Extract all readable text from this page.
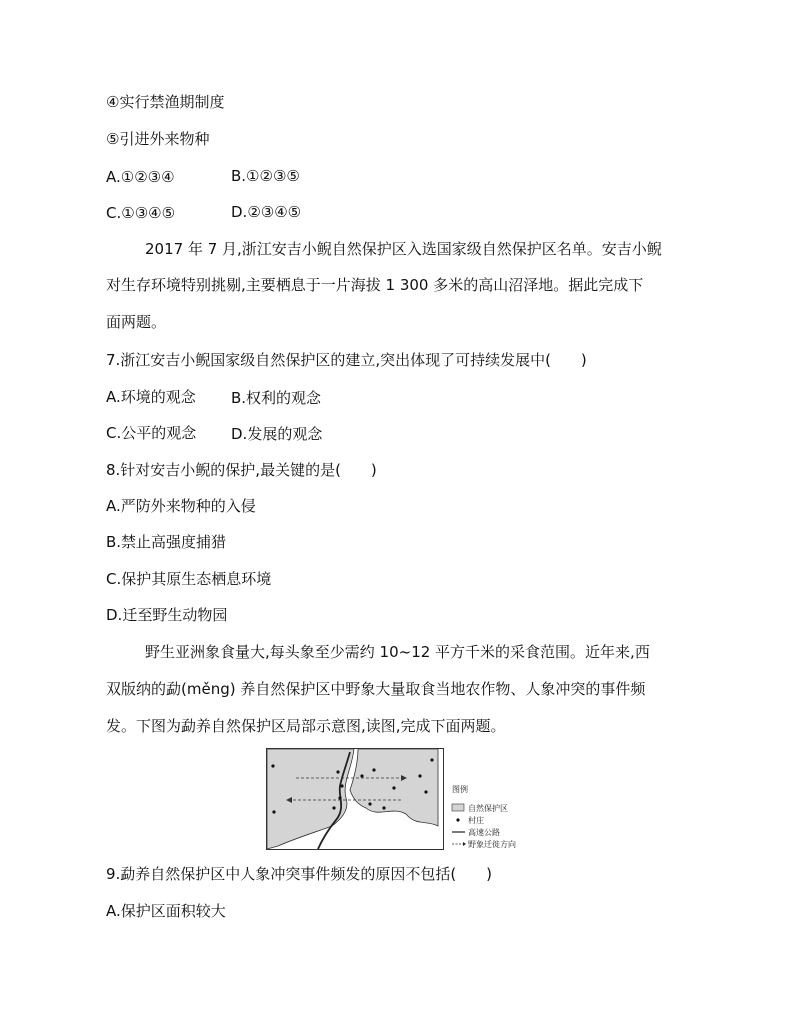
④实行禁渔期制度
⑤引进外来物种
A.①②③④	B.①②③⑤
C.①③④⑤	D.②③④⑤
2017 年 7 月,浙江安吉小鲵自然保护区入选国家级自然保护区名单。安吉小鲵
对生存环境特别挑剔,主要栖息于一片海拔 1 300 多米的高山沼泽地。据此完成下
面两题。
7.浙江安吉小鲵国家级自然保护区的建立,突出体现了可持续发展中(　　)
A.环境的观念 B.权利的观念
C.公平的观念 D.发展的观念
8.针对安吉小鲵的保护,最关键的是(　　)
A.严防外来物种的入侵
B.禁止高强度捕猎
C.保护其原生态栖息环境
D.迁至野生动物园
野生亚洲象食量大,每头象至少需约 10~12 平方千米的采食范围。近年来,西
双版纳的勐(měng) 养自然保护区中野象大量取食当地农作物、人象冲突的事件频
发。下图为勐养自然保护区局部示意图,读图,完成下面两题。
图例
自然保护区
村庄
高速公路
野象迁徙方向
9.勐养自然保护区中人象冲突事件频发的原因不包括(　　)
A.保护区面积较大
